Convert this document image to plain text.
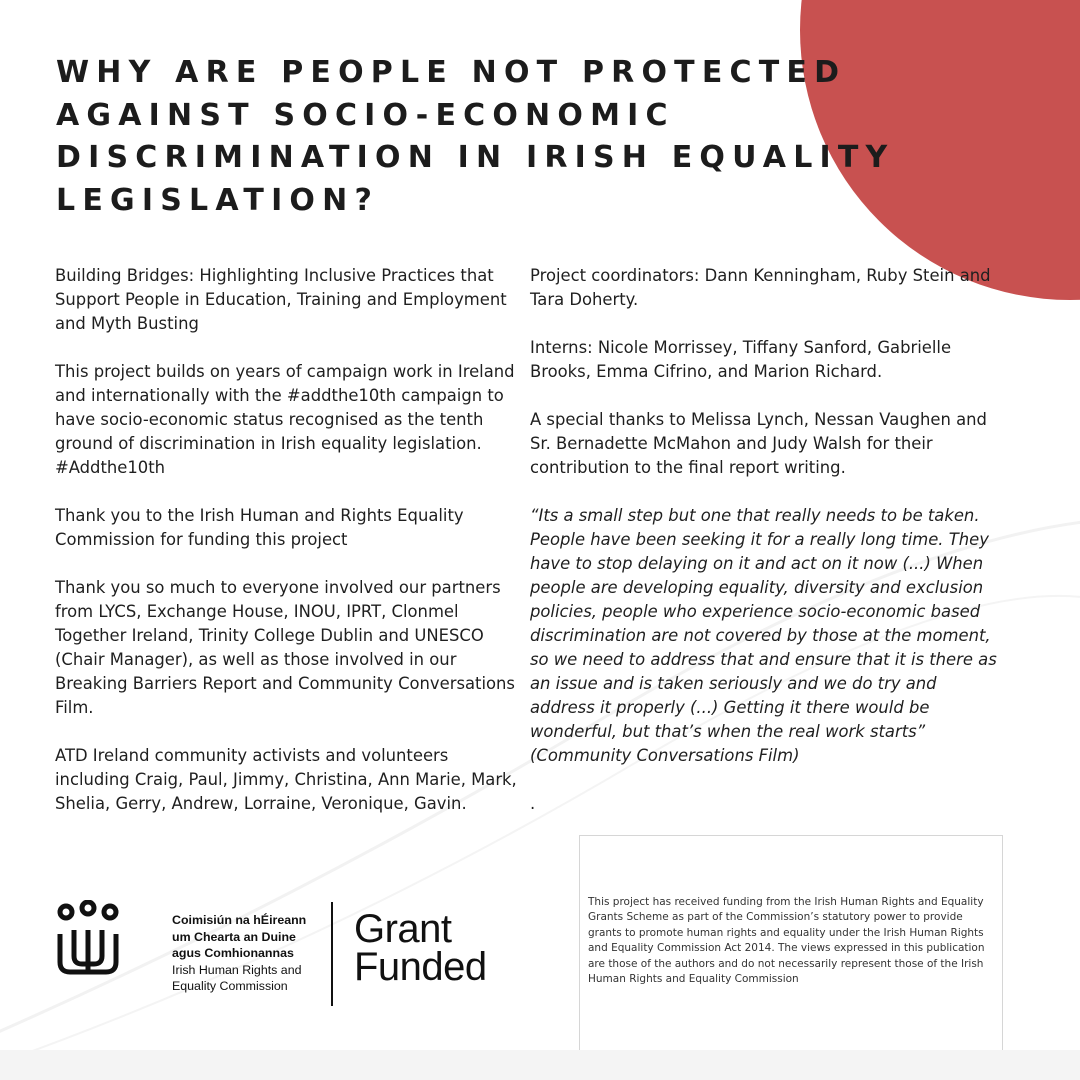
WHY ARE PEOPLE NOT PROTECTED AGAINST SOCIO-ECONOMIC DISCRIMINATION IN IRISH EQUALITY LEGISLATION?

Building Bridges: Highlighting Inclusive Practices that Support People in Education, Training and Employment and Myth Busting

This project builds on years of campaign work in Ireland and internationally with the #addthe10th campaign to have socio-economic status recognised as the tenth ground of discrimination in Irish equality legislation. #Addthe10th

Thank you to the Irish Human and Rights Equality Commission for funding this project

Thank you so much to everyone involved our partners from LYCS, Exchange House, INOU, IPRT, Clonmel Together Ireland, Trinity College Dublin and UNESCO (Chair Manager), as well as those involved in our Breaking Barriers Report and Community Conversations Film.

ATD Ireland community activists and volunteers including Craig, Paul, Jimmy, Christina, Ann Marie, Mark, Shelia, Gerry, Andrew, Lorraine, Veronique, Gavin.

Project coordinators: Dann Kenningham, Ruby Stein and Tara Doherty.

Interns: Nicole Morrissey, Tiffany Sanford, Gabrielle Brooks, Emma Cifrino, and Marion Richard.

A special thanks to Melissa Lynch, Nessan Vaughen and Sr. Bernadette McMahon and Judy Walsh for their contribution to the final report writing.

“Its a small step but one that really needs to be taken. People have been seeking it for a really long time. They have to stop delaying on it and act on it now (...) When people are developing equality, diversity and exclusion policies, people who experience socio-economic based discrimination are not covered by those at the moment, so we need to address that and ensure that it is there as an issue and is taken seriously and we do try and address it properly (...) Getting it there would be wonderful, but that’s when the real work starts” (Community Conversations Film)

.

Coimisiún na hÉireann
um Chearta an Duine
agus Comhionannas
Irish Human Rights and
Equality Commission
Grant
Funded
This project has received funding from the Irish Human Rights and Equality Grants Scheme as part of the Commission’s statutory power to provide grants to promote human rights and equality under the Irish Human Rights and Equality Commission Act 2014. The views expressed in this publication are those of the authors and do not necessarily represent those of the Irish Human Rights and Equality Commission
